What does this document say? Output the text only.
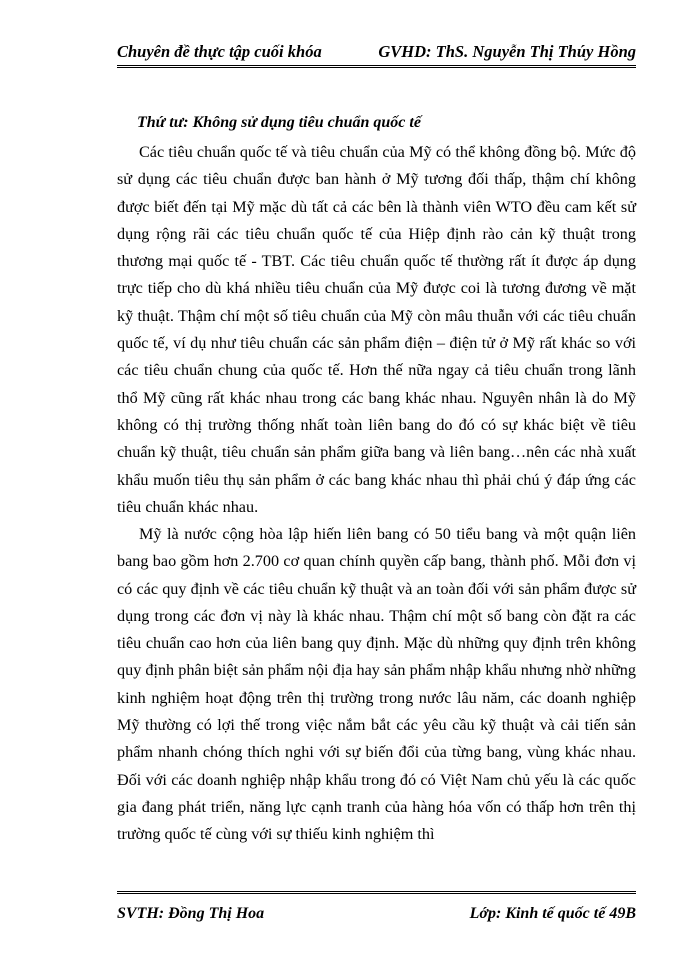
Chuyên đề thực tập cuối khóa	GVHD: ThS. Nguyễn Thị Thúy Hồng
Thứ tư: Không sử dụng tiêu chuẩn quốc tế

Các tiêu chuẩn quốc tế và tiêu chuẩn của Mỹ có thể không đồng bộ. Mức độ sử dụng các tiêu chuẩn được ban hành ở Mỹ tương đối thấp, thậm chí không được biết đến tại Mỹ mặc dù tất cả các bên là thành viên WTO đều cam kết sử dụng rộng rãi các tiêu chuẩn quốc tế của Hiệp định rào cản kỹ thuật trong thương mại quốc tế - TBT. Các tiêu chuẩn quốc tế thường rất ít được áp dụng trực tiếp cho dù khá nhiều tiêu chuẩn của Mỹ được coi là tương đương về mặt kỹ thuật. Thậm chí một số tiêu chuẩn của Mỹ còn mâu thuẫn với các tiêu chuẩn quốc tế, ví dụ như tiêu chuẩn các sản phẩm điện – điện tử ở Mỹ rất khác so với các tiêu chuẩn chung của quốc tế. Hơn thế nữa ngay cả tiêu chuẩn trong lãnh thổ Mỹ cũng rất khác nhau trong các bang khác nhau. Nguyên nhân là do Mỹ không có thị trường thống nhất toàn liên bang do đó có sự khác biệt về tiêu chuẩn kỹ thuật, tiêu chuẩn sản phẩm giữa bang và liên bang…nên các nhà xuất khẩu muốn tiêu thụ sản phẩm ở các bang khác nhau thì phải chú ý đáp ứng các tiêu chuẩn khác nhau.

Mỹ là nước cộng hòa lập hiến liên bang có 50 tiểu bang và một quận liên bang bao gồm hơn 2.700 cơ quan chính quyền cấp bang, thành phố. Mỗi đơn vị có các quy định về các tiêu chuẩn kỹ thuật và an toàn đối với sản phẩm được sử dụng trong các đơn vị này là khác nhau. Thậm chí một số bang còn đặt ra các tiêu chuẩn cao hơn của liên bang quy định. Mặc dù những quy định trên không quy định phân biệt sản phẩm nội địa hay sản phẩm nhập khẩu nhưng nhờ những kinh nghiệm hoạt động trên thị trường trong nước lâu năm, các doanh nghiệp Mỹ thường có lợi thế trong việc nắm bắt các yêu cầu kỹ thuật và cải tiến sản phẩm nhanh chóng thích nghi với sự biến đổi của từng bang, vùng khác nhau. Đối với các doanh nghiệp nhập khẩu trong đó có Việt Nam chủ yếu là các quốc gia đang phát triển, năng lực cạnh tranh của hàng hóa vốn có thấp hơn trên thị trường quốc tế cùng với sự thiếu kinh nghiệm thì

SVTH: Đồng Thị Hoa	Lớp: Kinh tế quốc tế 49B
